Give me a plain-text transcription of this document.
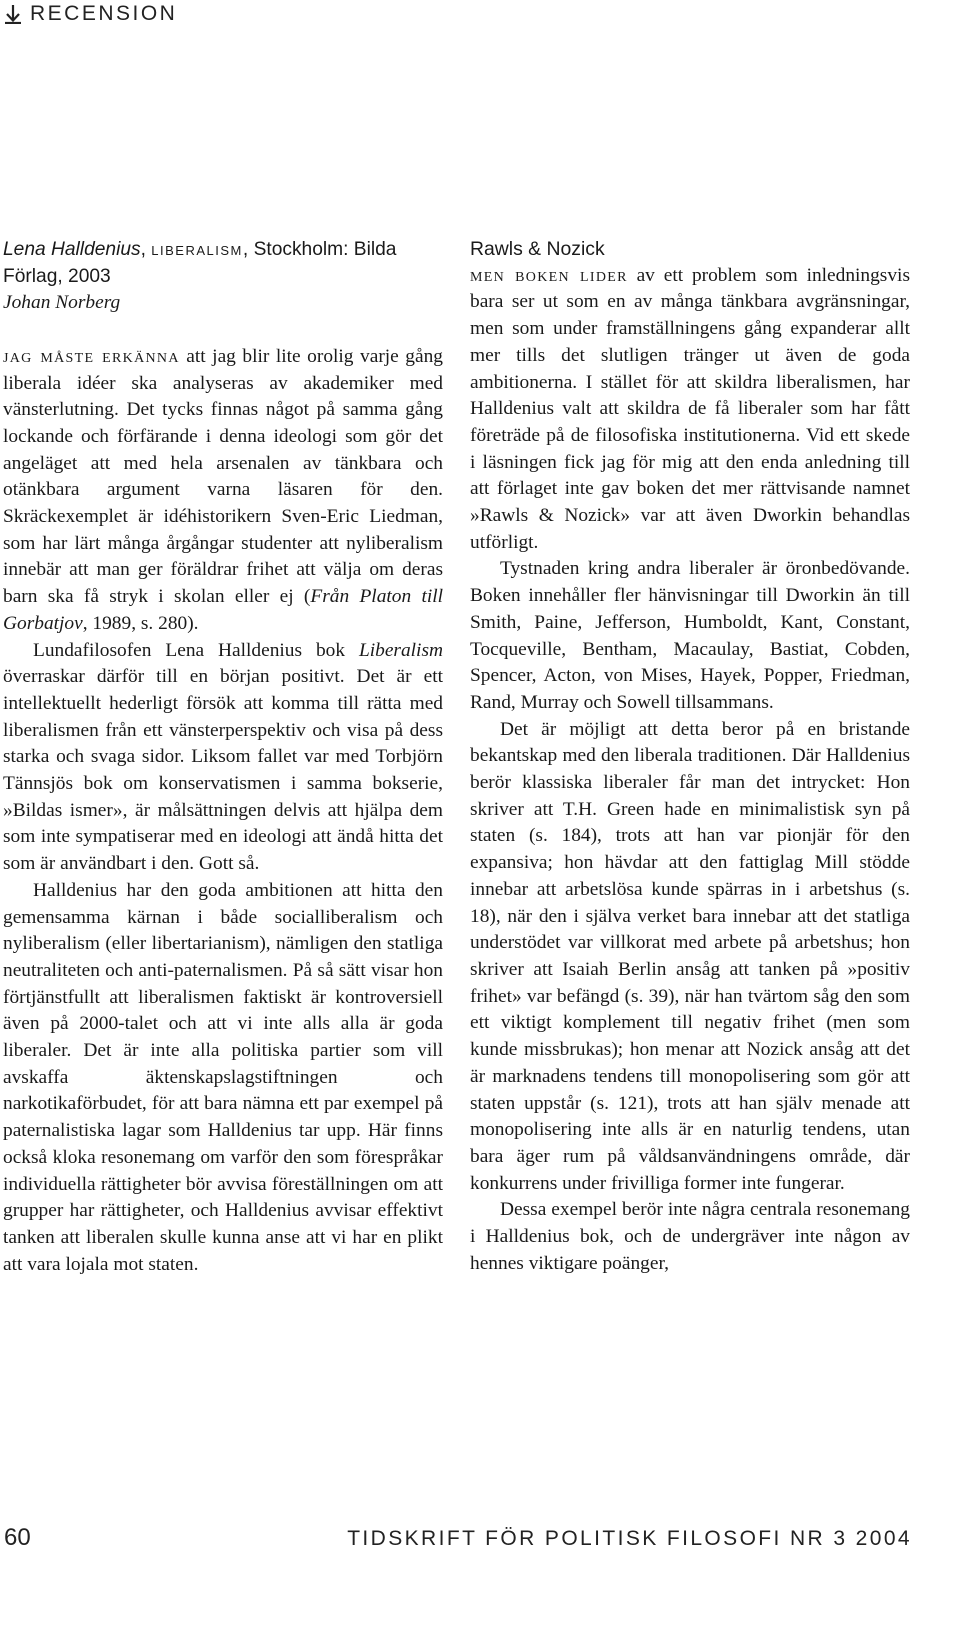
RECENSION

Lena Halldenius, liberalism, Stockholm: Bilda
Förlag, 2003

Johan Norberg

jag måste erkänna att jag blir lite orolig varje gång liberala idéer ska analyseras av akademiker med vänsterlutning. Det tycks finnas något på samma gång lockande och förfärande i denna ideologi som gör det angeläget att med hela arsenalen av tänkbara och otänkbara argument varna läsaren för den. Skräckexemplet är idéhistorikern Sven-Eric Liedman, som har lärt många årgångar studenter att nyliberalism innebär att man ger föräldrar frihet att välja om deras barn ska få stryk i skolan eller ej (Från Platon till Gorbatjov, 1989, s. 280).

Lundafilosofen Lena Halldenius bok Liberalism överraskar därför till en början positivt. Det är ett intellektuellt hederligt försök att komma till rätta med liberalismen från ett vänsterperspektiv och visa på dess starka och svaga sidor. Liksom fallet var med Torbjörn Tännsjös bok om konservatismen i samma bokserie, »Bildas ismer», är målsättningen delvis att hjälpa dem som inte sympatiserar med en ideologi att ändå hitta det som är användbart i den. Gott så.

Halldenius har den goda ambitionen att hitta den gemensamma kärnan i både socialliberalism och nyliberalism (eller libertarianism), nämligen den statliga neutraliteten och anti-paternalismen. På så sätt visar hon förtjänstfullt att liberalismen faktiskt är kontroversiell även på 2000-talet och att vi inte alls alla är goda liberaler. Det är inte alla politiska partier som vill avskaffa äktenskapslagstiftningen och narkotikaförbudet, för att bara nämna ett par exempel på paternalistiska lagar som Halldenius tar upp. Här finns också kloka resonemang om varför den som förespråkar individuella rättigheter bör avvisa föreställningen om att grupper har rättigheter, och Halldenius avvisar effektivt tanken att liberalen skulle kunna anse att vi har en plikt att vara lojala mot staten.

Rawls & Nozick

men boken lider av ett problem som inledningsvis bara ser ut som en av många tänkbara avgränsningar, men som under framställningens gång expanderar allt mer tills det slutligen tränger ut även de goda ambitionerna. I stället för att skildra liberalismen, har Halldenius valt att skildra de få liberaler som har fått företräde på de filosofiska institutionerna. Vid ett skede i läsningen fick jag för mig att den enda anledning till att förlaget inte gav boken det mer rättvisande namnet »Rawls & Nozick» var att även Dworkin behandlas utförligt.

Tystnaden kring andra liberaler är öronbedövande. Boken innehåller fler hänvisningar till Dworkin än till Smith, Paine, Jefferson, Humboldt, Kant, Constant, Tocqueville, Bentham, Macaulay, Bastiat, Cobden, Spencer, Acton, von Mises, Hayek, Popper, Friedman, Rand, Murray och Sowell tillsammans.

Det är möjligt att detta beror på en bristande bekantskap med den liberala traditionen. Där Halldenius berör klassiska liberaler får man det intrycket: Hon skriver att T.H. Green hade en minimalistisk syn på staten (s. 184), trots att han var pionjär för den expansiva; hon hävdar att den fattiglag Mill stödde innebar att arbetslösa kunde spärras in i arbetshus (s. 18), när den i själva verket bara innebar att det statliga understödet var villkorat med arbete på arbetshus; hon skriver att Isaiah Berlin ansåg att tanken på »positiv frihet» var befängd (s. 39), när han tvärtom såg den som ett viktigt komplement till negativ frihet (men som kunde missbrukas); hon menar att Nozick ansåg att det är marknadens tendens till monopolisering som gör att staten uppstår (s. 121), trots att han själv menade att monopolisering inte alls är en naturlig tendens, utan bara äger rum på våldsanvändningens område, där konkurrens under frivilliga former inte fungerar.

Dessa exempel berör inte några centrala resonemang i Halldenius bok, och de undergräver inte någon av hennes viktigare poänger,

60	TIDSKRIFT FÖR POLITISK FILOSOFI NR 3 2004
